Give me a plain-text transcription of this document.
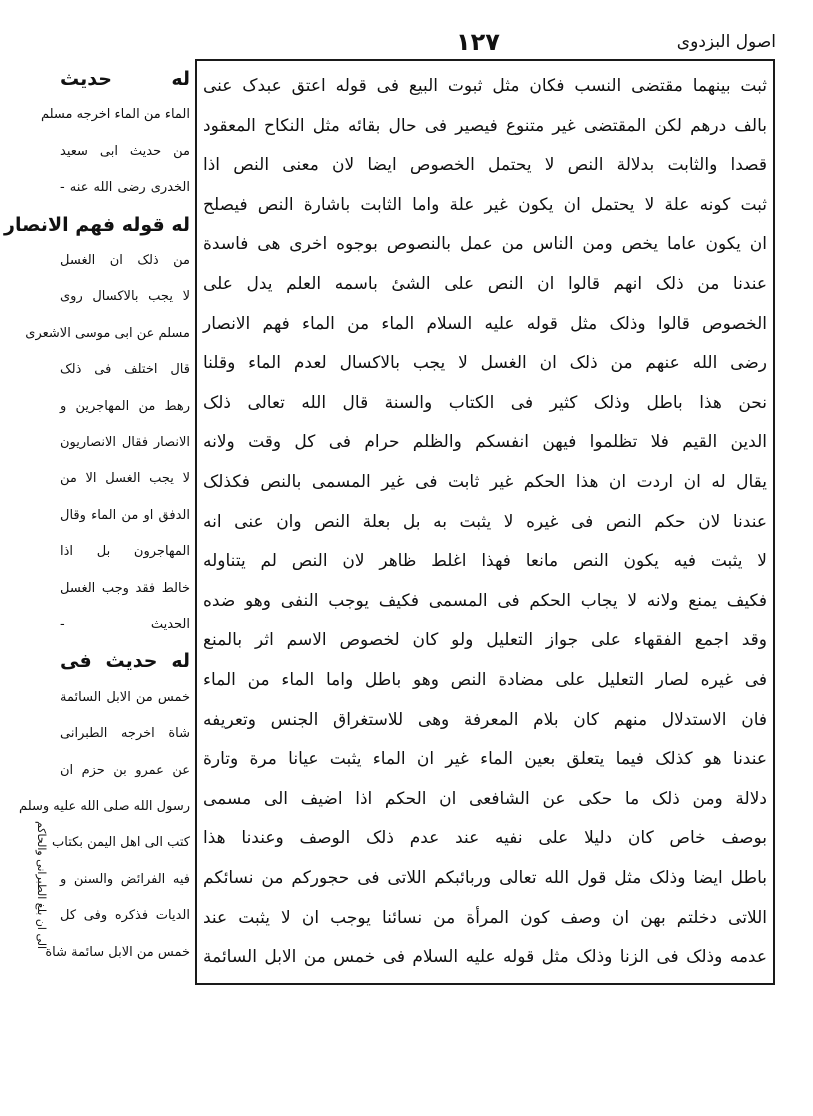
اصول البزدوی
۱۲۷
ثبت بینهما مقتضی النسب فکان مثل ثبوت البیع فی قوله اعتق عبدک عنی
بالف درهم لکن المقتضی غیر متنوع فیصیر فی حال بقائه مثل النکاح المعقود
قصدا والثابت بدلالة النص لا یحتمل الخصوص ایضا لان معنی النص اذا
ثبت کونه علة لا یحتمل ان یکون غیر علة واما الثابت باشارة النص فیصلح
ان یکون عاما یخص ومن الناس من عمل بالنصوص بوجوه اخری هی فاسدة
عندنا من ذلک انهم قالوا ان النص علی الشیٔ باسمه العلم یدل علی
الخصوص قالوا وذلک مثل قوله علیه السلام الماء من الماء فهم الانصار
رضی الله عنهم من ذلک ان الغسل لا یجب بالاکسال لعدم الماء وقلنا
نحن هذا باطل وذلک کثیر فی الکتاب والسنة قال الله تعالی ذلک
الدین القیم فلا تظلموا فیهن انفسکم والظلم حرام فی کل وقت ولانه
یقال له ان اردت ان هذا الحکم غیر ثابت فی غیر المسمی بالنص فکذلک
عندنا لان حکم النص فی غیره لا یثبت به بل بعلة النص وان عنی انه
لا یثبت فیه یکون النص مانعا فهذا اغلط ظاهر لان النص لم یتناوله
فکیف یمنع ولانه لا یجاب الحکم فی المسمی فکیف یوجب النفی وهو ضده
وقد اجمع الفقهاء علی جواز التعلیل ولو کان لخصوص الاسم اثر بالمنع
فی غیره لصار التعلیل علی مضادة النص وهو باطل واما الماء من الماء
فان الاستدلال منهم کان بلام المعرفة وهی للاستغراق الجنس وتعریفه
عندنا هو کذلک فیما یتعلق بعین الماء غیر ان الماء یثبت عیانا مرة وتارة
دلالة ومن ذلک ما حکی عن الشافعی ان الحکم اذا اضیف الی مسمی
بوصف خاص کان دلیلا علی نفیه عند عدم ذلک الوصف وعندنا هذا
باطل ایضا وذلک مثل قول الله تعالی وربائبکم اللاتی فی حجورکم من نسائکم
اللاتی دخلتم بهن ان وصف کون المرأة من نسائنا یوجب ان لا یثبت عند
عدمه وذلک فی الزنا وذلک مثل قوله علیه السلام فی خمس من الابل السائمة
له حدیث
الماء من الماء اخرجه مسلم
من حدیث ابی سعید
الخدری رضی الله عنه -
له قوله فهم الانصار
من ذلک ان الغسل
لا یجب بالاکسال روی
مسلم عن ابی موسی الاشعری
قال اختلف فی ذلک
رهط من المهاجرین و
الانصار فقال الانصاریون
لا یجب الغسل الا من
الدفق او من الماء وقال
المهاجرون بل اذا
خالط فقد وجب الغسل
الحدیث -
له حدیث فی
خمس من الابل السائمة
شاة اخرجه الطبرانی
عن عمرو بن حزم ان
رسول الله صلی الله علیه وسلم
کتب الی اهل الیمن بکتاب
فیه الفرائض والسنن و
الدیات فذکره وفی کل
خمس من الابل سائمة شاة
الی ان بلغ الطبرانی والحاکم
